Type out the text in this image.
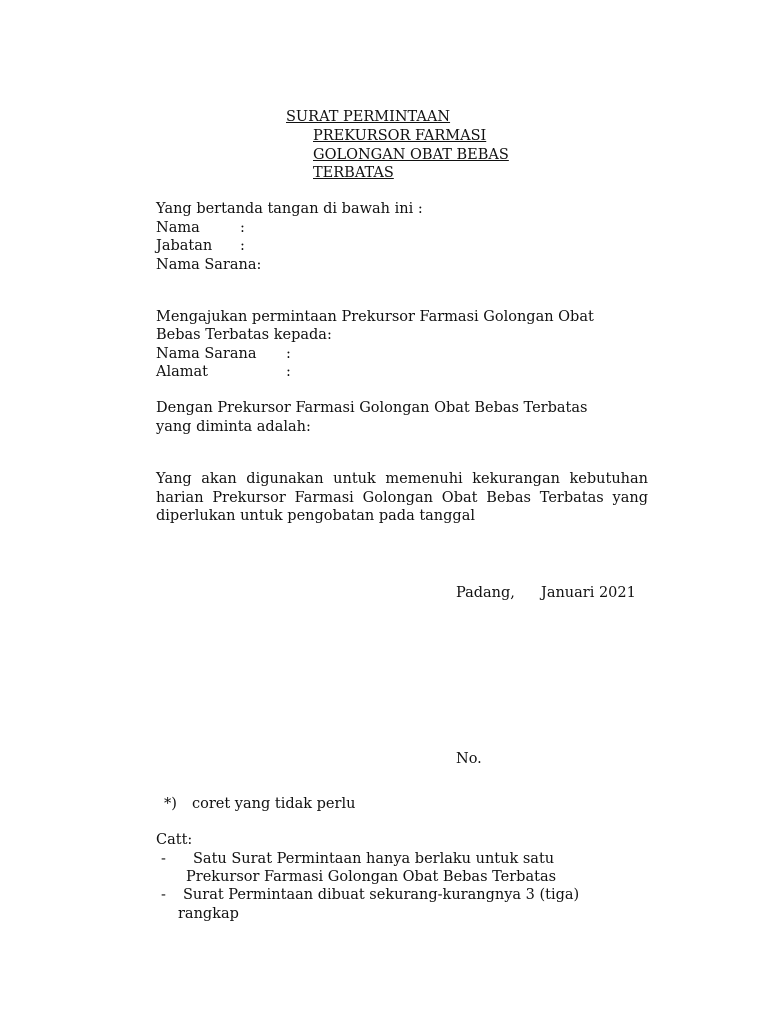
SURAT PERMINTAAN
PREKURSOR FARMASI
GOLONGAN OBAT BEBAS
TERBATAS
Yang bertanda tangan di bawah ini :
Nama	:
Jabatan :
Nama Sarana:
Mengajukan permintaan Prekursor Farmasi Golongan Obat
Bebas Terbatas kepada:
Nama Sarana :
Alamat	:
Dengan Prekursor Farmasi Golongan Obat Bebas Terbatas
yang diminta adalah:
Yang akan digunakan untuk memenuhi kekurangan kebutuhan
harian Prekursor Farmasi Golongan Obat Bebas Terbatas yang
diperlukan untuk pengobatan pada tanggal
Padang, Januari 2021
No.
*) coret yang tidak perlu
Catt:
- Satu Surat Permintaan hanya berlaku untuk satu
Prekursor Farmasi Golongan Obat Bebas Terbatas
- Surat Permintaan dibuat sekurang-kurangnya 3 (tiga)
rangkap
